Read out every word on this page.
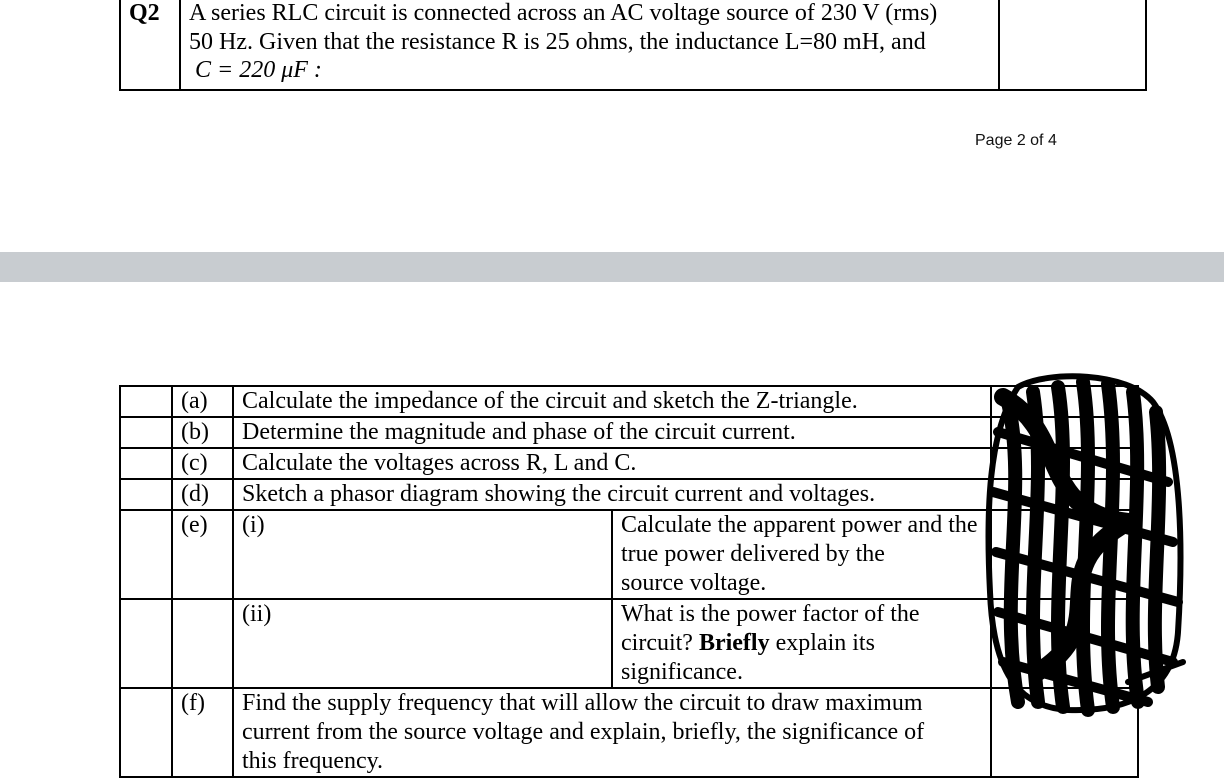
Q2	A series RLC circuit is connected across an AC voltage source of 230 V (rms)
50 Hz. Given that the resistance R is 25 ohms, the inductance L=80 mH, and
C = 220 μF :

Page 2 of 4
	(a)	Calculate the impedance of the circuit and sketch the Z-triangle.		
	(b)	Determine the magnitude and phase of the circuit current.		
	(c)	Calculate the voltages across R, L and C.		
	(d)	Sketch a phasor diagram showing the circuit current and voltages.		
	(e)	(i)	Calculate the apparent power and the true power delivered by the
source voltage.	

		(ii)	What is the power factor of the circuit? Briefly explain its
significance.	

	(f)	Find the supply frequency that will allow the circuit to draw maximum
current from the source voltage and explain, briefly, the significance of
this frequency.		
